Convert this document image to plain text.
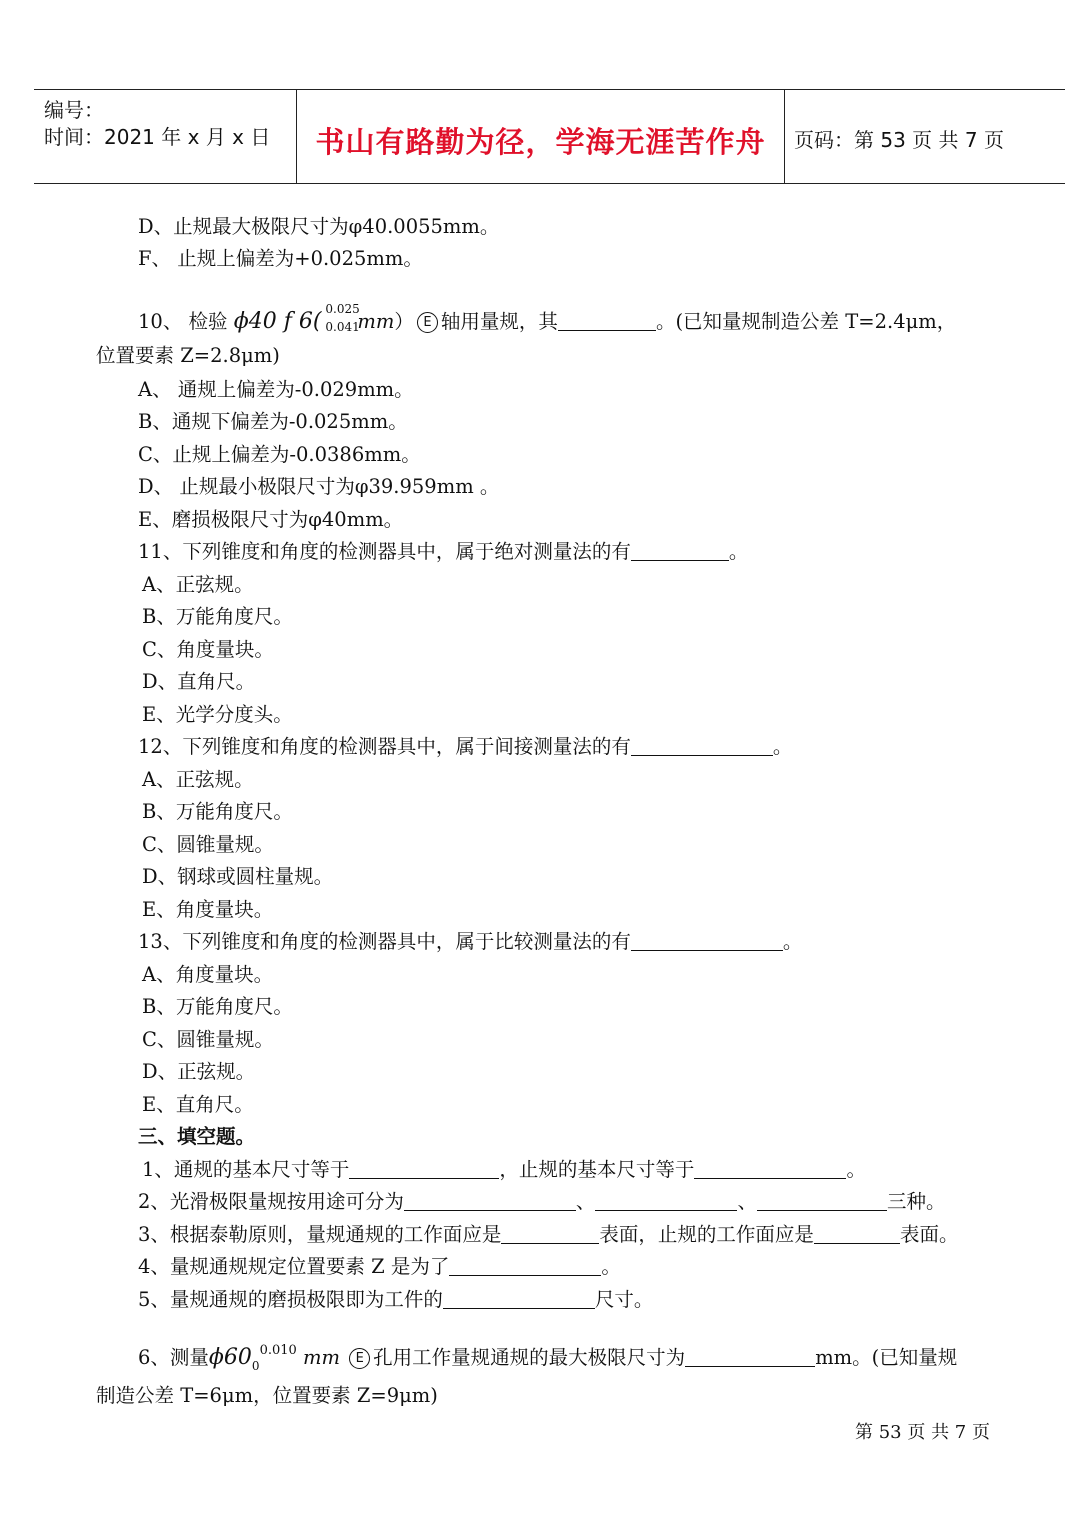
编号：
时间：2021 年 x 月 x 日	书山有路勤为径，学海无涯苦作舟	页码：第 53 页 共 7 页
D、止规最大极限尺寸为φ40.0055mm。
F、 止规上偏差为+0.025mm。
10、 检验 ϕ40 f 6( 0.025
0.041
mm） E 轴用量规，其	。(已知量规制造公差 T=2.4μm，
位置要素 Z=2.8μm)
A、 通规上偏差为-0.029mm。
B、通规下偏差为-0.025mm。
C、止规上偏差为-0.0386mm。
D、 止规最小极限尺寸为φ39.959mm 。
E、磨损极限尺寸为φ40mm。
11、下列锥度和角度的检测器具中，属于绝对测量法的有	。
A、正弦规。
B、万能角度尺。
C、角度量块。
D、直角尺。
E、光学分度头。
12、下列锥度和角度的检测器具中，属于间接测量法的有	。
A、正弦规。
B、万能角度尺。
C、圆锥量规。
D、钢球或圆柱量规。
E、角度量块。
13、下列锥度和角度的检测器具中，属于比较测量法的有	。
A、角度量块。
B、万能角度尺。
C、圆锥量规。
D、正弦规。
E、直角尺。
三、填空题。
1、通规的基本尺寸等于	，止规的基本尺寸等于	。
2、光滑极限量规按用途可分为	、	、	三种。
3、根据泰勒原则，量规通规的工作面应是	表面，止规的工作面应是	表面。
4、量规通规规定位置要素 Z 是为了	。
5、量规通规的磨损极限即为工件的	尺寸。
6、测量$\phi 60_0^{0.010}$ mm E 孔用工作量规通规的最大极限尺寸为	mm。(已知量规
制造公差 T=6μm，位置要素 Z=9μm)
第 53 页 共 7 页
